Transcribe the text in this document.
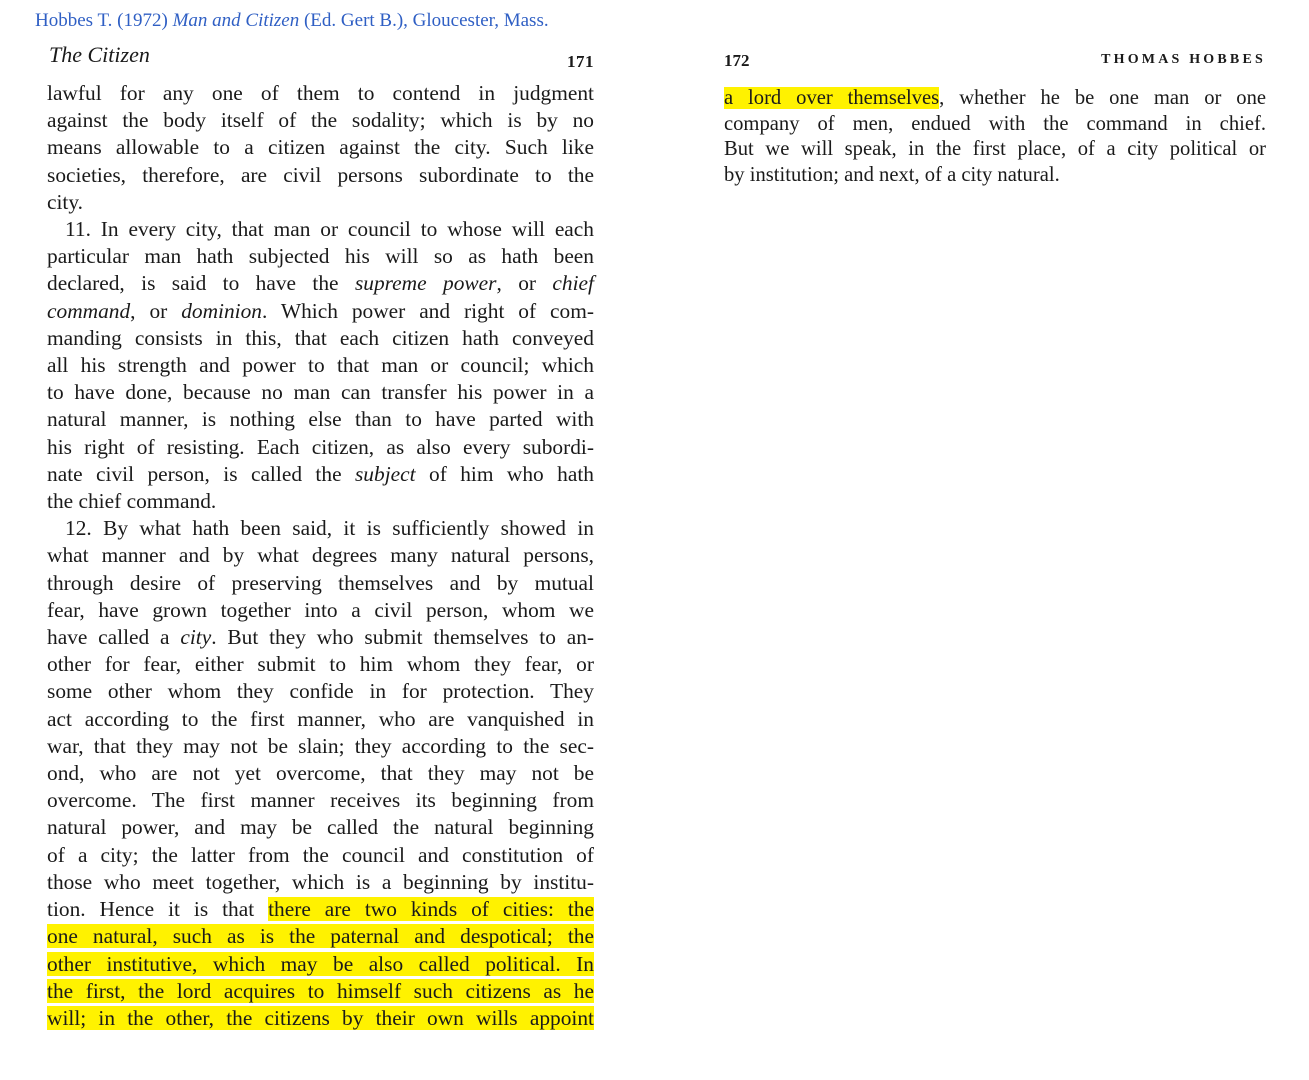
Hobbes T. (1972) Man and Citizen (Ed. Gert B.), Gloucester, Mass.
The Citizen	171
lawful for any one of them to contend in judgment
against the body itself of the sodality; which is by no
means allowable to a citizen against the city. Such like
societies, therefore, are civil persons subordinate to the
city.
11. In every city, that man or council to whose will each
particular man hath subjected his will so as hath been
declared, is said to have the supreme power, or chief
command, or dominion. Which power and right of com-
manding consists in this, that each citizen hath conveyed
all his strength and power to that man or council; which
to have done, because no man can transfer his power in a
natural manner, is nothing else than to have parted with
his right of resisting. Each citizen, as also every subordi-
nate civil person, is called the subject of him who hath
the chief command.
12. By what hath been said, it is sufficiently showed in
what manner and by what degrees many natural persons,
through desire of preserving themselves and by mutual
fear, have grown together into a civil person, whom we
have called a city. But they who submit themselves to an-
other for fear, either submit to him whom they fear, or
some other whom they confide in for protection. They
act according to the first manner, who are vanquished in
war, that they may not be slain; they according to the sec-
ond, who are not yet overcome, that they may not be
overcome. The first manner receives its beginning from
natural power, and may be called the natural beginning
of a city; the latter from the council and constitution of
those who meet together, which is a beginning by institu-
tion. Hence it is that there are two kinds of cities: the
one natural, such as is the paternal and despotical; the
other institutive, which may be also called political. In
the first, the lord acquires to himself such citizens as he
will; in the other, the citizens by their own wills appoint
172	THOMAS HOBBES
a lord over themselves, whether he be one man or one
company of men, endued with the command in chief.
But we will speak, in the first place, of a city political or
by institution; and next, of a city natural.
